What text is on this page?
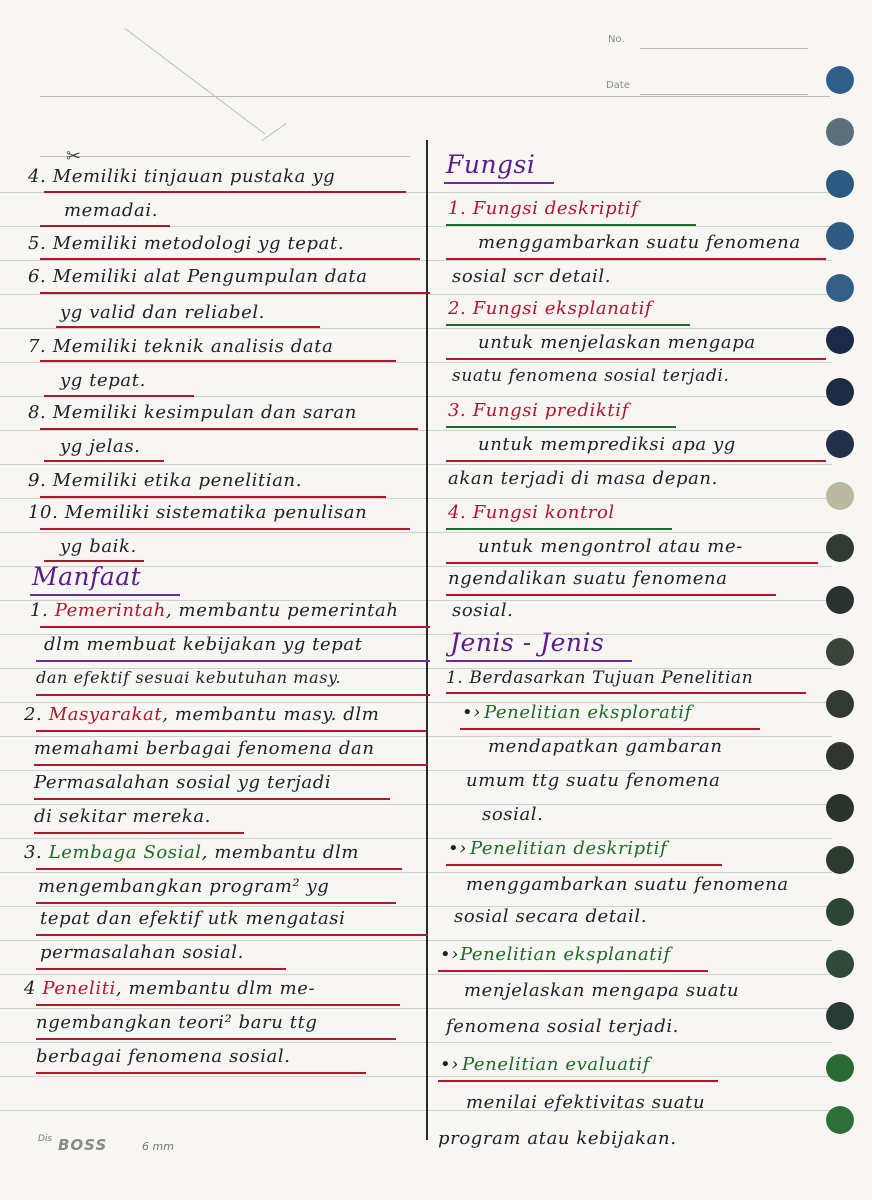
No.
Date
✂
4. Memiliki tinjauan pustaka yg
memadai.
5. Memiliki metodologi yg tepat.
6. Memiliki alat Pengumpulan data
yg valid dan reliabel.
7. Memiliki teknik analisis data
yg tepat.
8. Memiliki kesimpulan dan saran
yg jelas.
9. Memiliki etika penelitian.
10. Memiliki sistematika penulisan
yg baik.
Manfaat
1. Pemerintah, membantu pemerintah
dlm membuat kebijakan yg tepat
dan efektif sesuai kebutuhan masy.
2. Masyarakat, membantu masy. dlm
memahami berbagai fenomena dan
Permasalahan sosial yg terjadi
di sekitar mereka.
3. Lembaga Sosial, membantu dlm
mengembangkan program² yg
tepat dan efektif utk mengatasi
permasalahan sosial.
4 Peneliti, membantu dlm me-
ngembangkan teori² baru ttg
berbagai fenomena sosial.
Fungsi
1. Fungsi deskriptif
menggambarkan suatu fenomena
sosial scr detail.
2. Fungsi eksplanatif
untuk menjelaskan mengapa
suatu fenomena sosial terjadi.
3. Fungsi prediktif
untuk memprediksi apa yg
akan terjadi di masa depan.
4. Fungsi kontrol
untuk mengontrol atau me-
ngendalikan suatu fenomena
sosial.
Jenis - Jenis
1. Berdasarkan Tujuan Penelitian
•› Penelitian eksploratif
mendapatkan gambaran
umum ttg suatu fenomena
sosial.
•› Penelitian deskriptif
menggambarkan suatu fenomena
sosial secara detail.
•› Penelitian eksplanatif
menjelaskan mengapa suatu
fenomena sosial terjadi.
•› Penelitian evaluatif
menilai efektivitas suatu
program atau kebijakan.
Dis BOSS	6 mm
